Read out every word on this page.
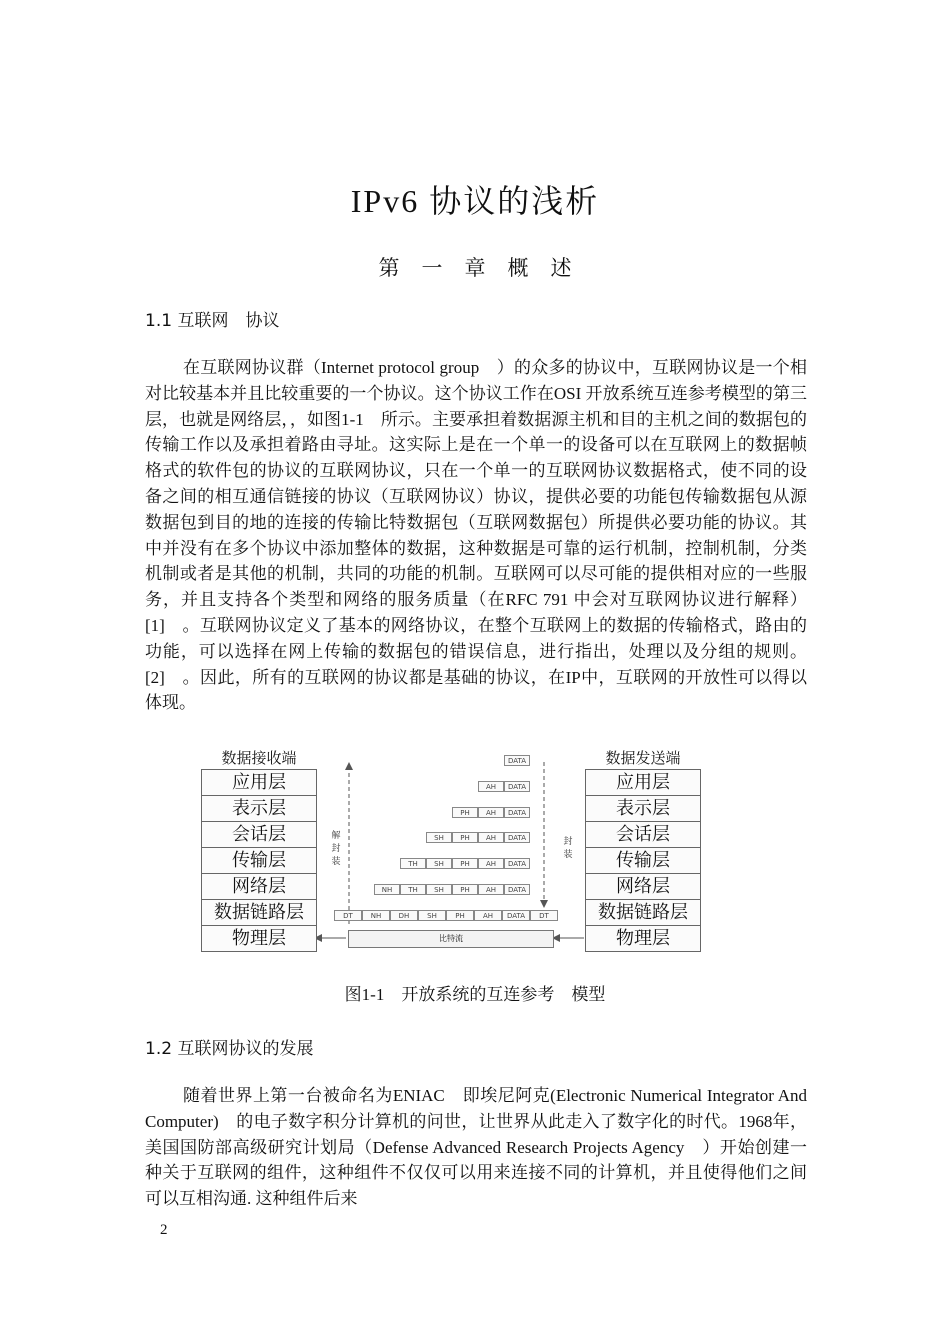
IPv6 协议的浅析
第一章概述
1.1 互联网　协议
在互联网协议群（Internet protocol group　）的众多的协议中，互联网协议是一个相对比较基本并且比较重要的一个协议。这个协议工作在OSI 开放系统互连参考模型的第三层，也就是网络层，，如图1-1　所示。主要承担着数据源主机和目的主机之间的数据包的传输工作以及承担着路由寻址。这实际上是在一个单一的设备可以在互联网上的数据帧格式的软件包的协议的互联网协议，只在一个单一的互联网协议数据格式，使不同的设备之间的相互通信链接的协议（互联网协议）协议，提供必要的功能包传输数据包从源数据包到目的地的连接的传输比特数据包（互联网数据包）所提供必要功能的协议。其中并没有在多个协议中添加整体的数据，这种数据是可靠的运行机制，控制机制，分类机制或者是其他的机制，共同的功能的机制。互联网可以尽可能的提供相对应的一些服务，并且支持各个类型和网络的服务质量（在RFC 791 中会对互联网协议进行解释）[1]　。互联网协议定义了基本的网络协议，在整个互联网上的数据的传输格式，路由的功能，可以选择在网上传输的数据包的错误信息，进行指出，处理以及分组的规则。[2]　。因此，所有的互联网的协议都是基础的协议，在IP中，互联网的开放性可以得以体现。
数据接收端
应用层
表示层
会话层
传输层
网络层
数据链路层
物理层
数据发送端
应用层
表示层
会话层
传输层
网络层
数据链路层
物理层
解封装
封装
DATA
AH	DATA
PH	AH	DATA
SH	PH	AH	DATA
TH	SH	PH	AH	DATA
NH	TH	SH	PH	AH	DATA
DT	NH	DH	SH	PH	AH	DATA	DT
比特流
图1-1　开放系统的互连参考　模型
1.2 互联网协议的发展
随着世界上第一台被命名为ENIAC　即埃尼阿克(Electronic Numerical Integrator And Computer)　的电子数字积分计算机的问世，让世界从此走入了数字化的时代。1968年，美国国防部高级研究计划局（Defense Advanced Research Projects Agency　）开始创建一种关于互联网的组件，这种组件不仅仅可以用来连接不同的计算机，并且使得他们之间可以互相沟通. 这种组件后来
2
